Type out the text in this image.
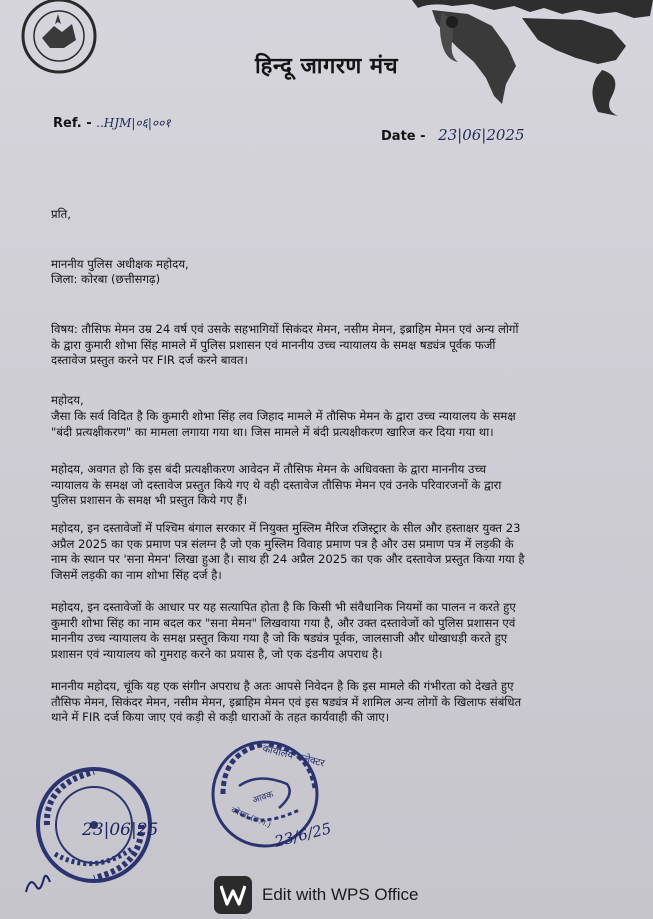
हिन्दू जागरण मंच
Ref. - ..HJM|०६|००१
Date - 23|06|2025
प्रति,
माननीय पुलिस अधीक्षक महोदय,
जिला: कोरबा (छत्तीसगढ़)
विषय: तौसिफ मेमन उम्र 24 वर्ष एवं उसके सहभागियों सिकंदर मेमन, नसीम मेमन, इब्राहिम मेमन एवं अन्य लोगों
के द्वारा कुमारी शोभा सिंह मामले में पुलिस प्रशासन एवं माननीय उच्च न्यायालय के समक्ष षड्यंत्र पूर्वक फर्जी
दस्तावेज प्रस्तुत करने पर FIR दर्ज करने बावत।
महोदय,
जैसा कि सर्व विदित है कि कुमारी शोभा सिंह लव जिहाद मामले में तौसिफ मेमन के द्वारा उच्च न्यायालय के समक्ष
"बंदी प्रत्यक्षीकरण" का मामला लगाया गया था। जिस मामले में बंदी प्रत्यक्षीकरण खारिज कर दिया गया था।
महोदय, अवगत हो कि इस बंदी प्रत्यक्षीकरण आवेदन में तौसिफ मेमन के अधिवक्ता के द्वारा माननीय उच्च
न्यायालय के समक्ष जो दस्तावेज प्रस्तुत किये गए थे वही दस्तावेज तौसिफ मेमन एवं उनके परिवारजनों के द्वारा
पुलिस प्रशासन के समक्ष भी प्रस्तुत किये गए हैं।
महोदय, इन दस्तावेजों में पश्चिम बंगाल सरकार में नियुक्त मुस्लिम मैरिज रजिस्ट्रार के सील और हस्ताक्षर युक्त 23
अप्रैल 2025 का एक प्रमाण पत्र संलग्न है जो एक मुस्लिम विवाह प्रमाण पत्र है और उस प्रमाण पत्र में लड़की के
नाम के स्थान पर 'सना मेमन' लिखा हुआ है। साथ ही 24 अप्रैल 2025 का एक और दस्तावेज प्रस्तुत किया गया है
जिसमें लड़की का नाम शोभा सिंह दर्ज है।
महोदय, इन दस्तावेजों के आधार पर यह सत्यापित होता है कि किसी भी संवैधानिक नियमों का पालन न करते हुए
कुमारी शोभा सिंह का नाम बदल कर "सना मेमन" लिखवाया गया है, और उक्त दस्तावेजों को पुलिस प्रशासन एवं
माननीय उच्च न्यायालय के समक्ष प्रस्तुत किया गया है जो कि षड्यंत्र पूर्वक, जालसाजी और धोखाधड़ी करते हुए
प्रशासन एवं न्यायालय को गुमराह करने का प्रयास है, जो एक दंडनीय अपराध है।
माननीय महोदय, चूंकि यह एक संगीन अपराध है अतः आपसे निवेदन है कि इस मामले की गंभीरता को देखते हुए
तौसिफ मेमन, सिकंदर मेमन, नसीम मेमन, इब्राहिम मेमन एवं इस षड्यंत्र में शामिल अन्य लोगों के खिलाफ संबंधित
थाने में FIR दर्ज किया जाए एवं कड़ी से कड़ी धाराओं के तहत कार्यवाही की जाए।
23|06|25
कार्यालय कलेक्टर
आवक
कोरबा (छ.ग.)
23/6/25
Edit with WPS Office
